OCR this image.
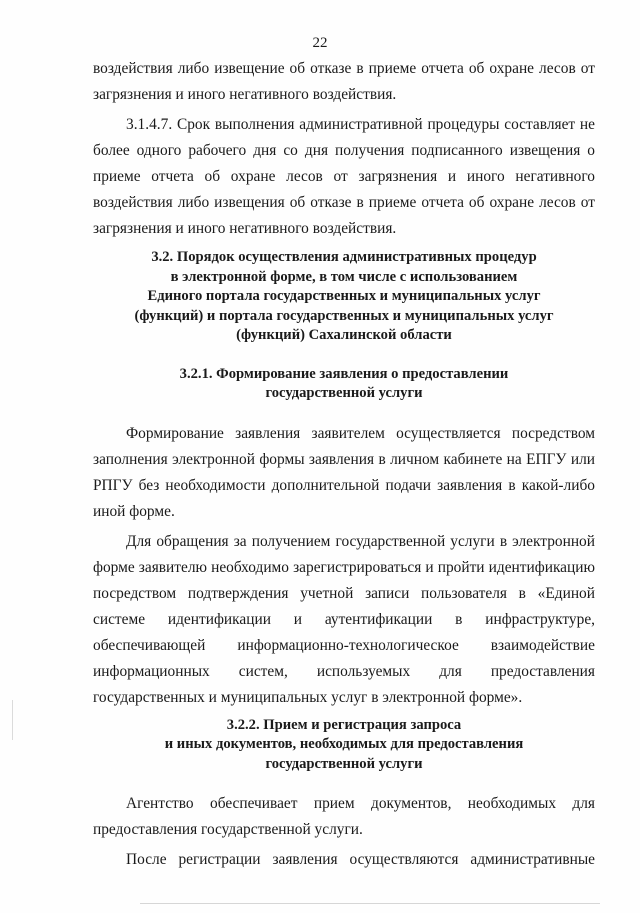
22

воздействия либо извещение об отказе в приеме отчета об охране лесов от загрязнения и иного негативного воздействия.

3.1.4.7. Срок выполнения административной процедуры составляет не более одного рабочего дня со дня получения подписанного извещения о приеме отчета об охране лесов от загрязнения и иного негативного воздействия либо извещения об отказе в приеме отчета об охране лесов от загрязнения и иного негативного воздействия.

3.2. Порядок осуществления административных процедур
в электронной форме, в том числе с использованием
Единого портала государственных и муниципальных услуг
(функций) и портала государственных и муниципальных услуг
(функций) Сахалинской области
3.2.1. Формирование заявления о предоставлении
государственной услуги

Формирование заявления заявителем осуществляется посредством заполнения электронной формы заявления в личном кабинете на ЕПГУ или РПГУ без необходимости дополнительной подачи заявления в какой-либо иной форме.

Для обращения за получением государственной услуги в электронной форме заявителю необходимо зарегистрироваться и пройти идентификацию посредством подтверждения учетной записи пользователя в «Единой системе идентификации и аутентификации в инфраструктуре, обеспечивающей информационно-технологическое взаимодействие информационных систем, используемых для предоставления государственных и муниципальных услуг в электронной форме».

3.2.2. Прием и регистрация запроса
и иных документов, необходимых для предоставления
государственной услуги

Агентство обеспечивает прием документов, необходимых для предоставления государственной услуги.

После регистрации заявления осуществляются административные
